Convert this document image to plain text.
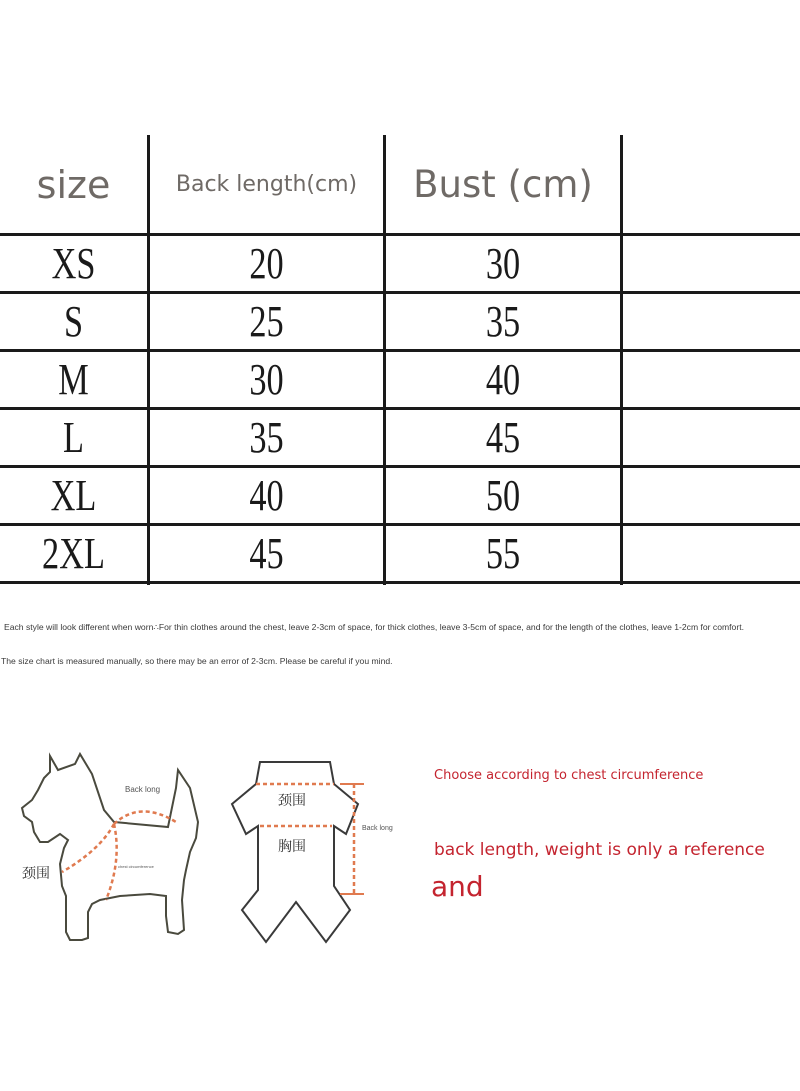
size	Back length(cm)	Bust (cm)
XS	20	30
S	25	35
M	30	40
L	35	45
XL	40	50
2XL	45	55
Each style will look different when worn∴For thin clothes around the chest, leave 2-3cm of space, for thick clothes, leave 3-5cm of space, and for the length of the clothes, leave 1-2cm for comfort.
The size chart is measured manually, so there may be an error of 2-3cm. Please be careful if you mind.
Back long
颈围	chest circumference
颈围
胸围
Back long
Choose according to chest circumference
back length, weight is only a reference
and
